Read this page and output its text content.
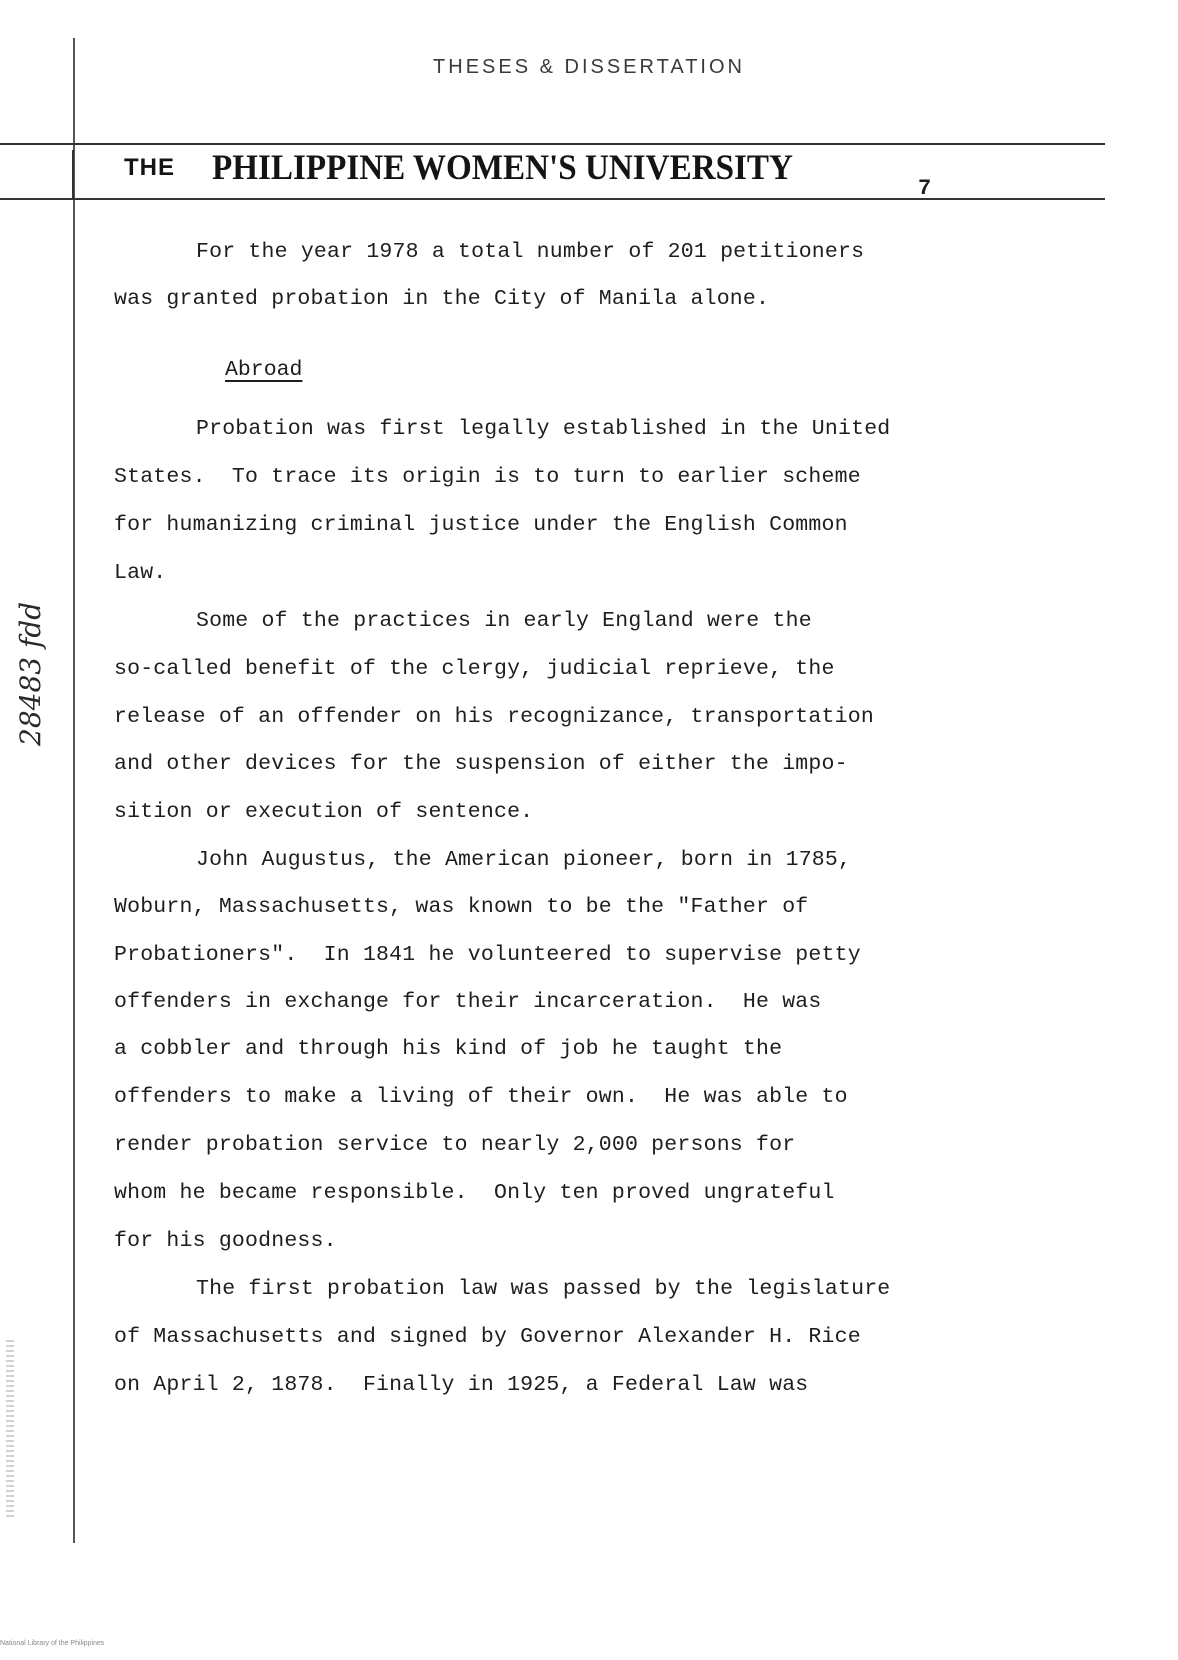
THESES & DISSERTATION
THE PHILIPPINE WOMEN'S UNIVERSITY
7
28483 fdd
Abroad
For the year 1978 a total number of 201 petitioners
was granted probation in the City of Manila alone.
Probation was first legally established in the United
States.  To trace its origin is to turn to earlier scheme
for humanizing criminal justice under the English Common
Law.
Some of the practices in early England were the
so-called benefit of the clergy, judicial reprieve, the
release of an offender on his recognizance, transportation
and other devices for the suspension of either the impo-
sition or execution of sentence.
John Augustus, the American pioneer, born in 1785,
Woburn, Massachusetts, was known to be the "Father of
Probationers".  In 1841 he volunteered to supervise petty
offenders in exchange for their incarceration.  He was
a cobbler and through his kind of job he taught the
offenders to make a living of their own.  He was able to
render probation service to nearly 2,000 persons for
whom he became responsible.  Only ten proved ungrateful
for his goodness.
The first probation law was passed by the legislature
of Massachusetts and signed by Governor Alexander H. Rice
on April 2, 1878.  Finally in 1925, a Federal Law was
National Library of the Philippines
